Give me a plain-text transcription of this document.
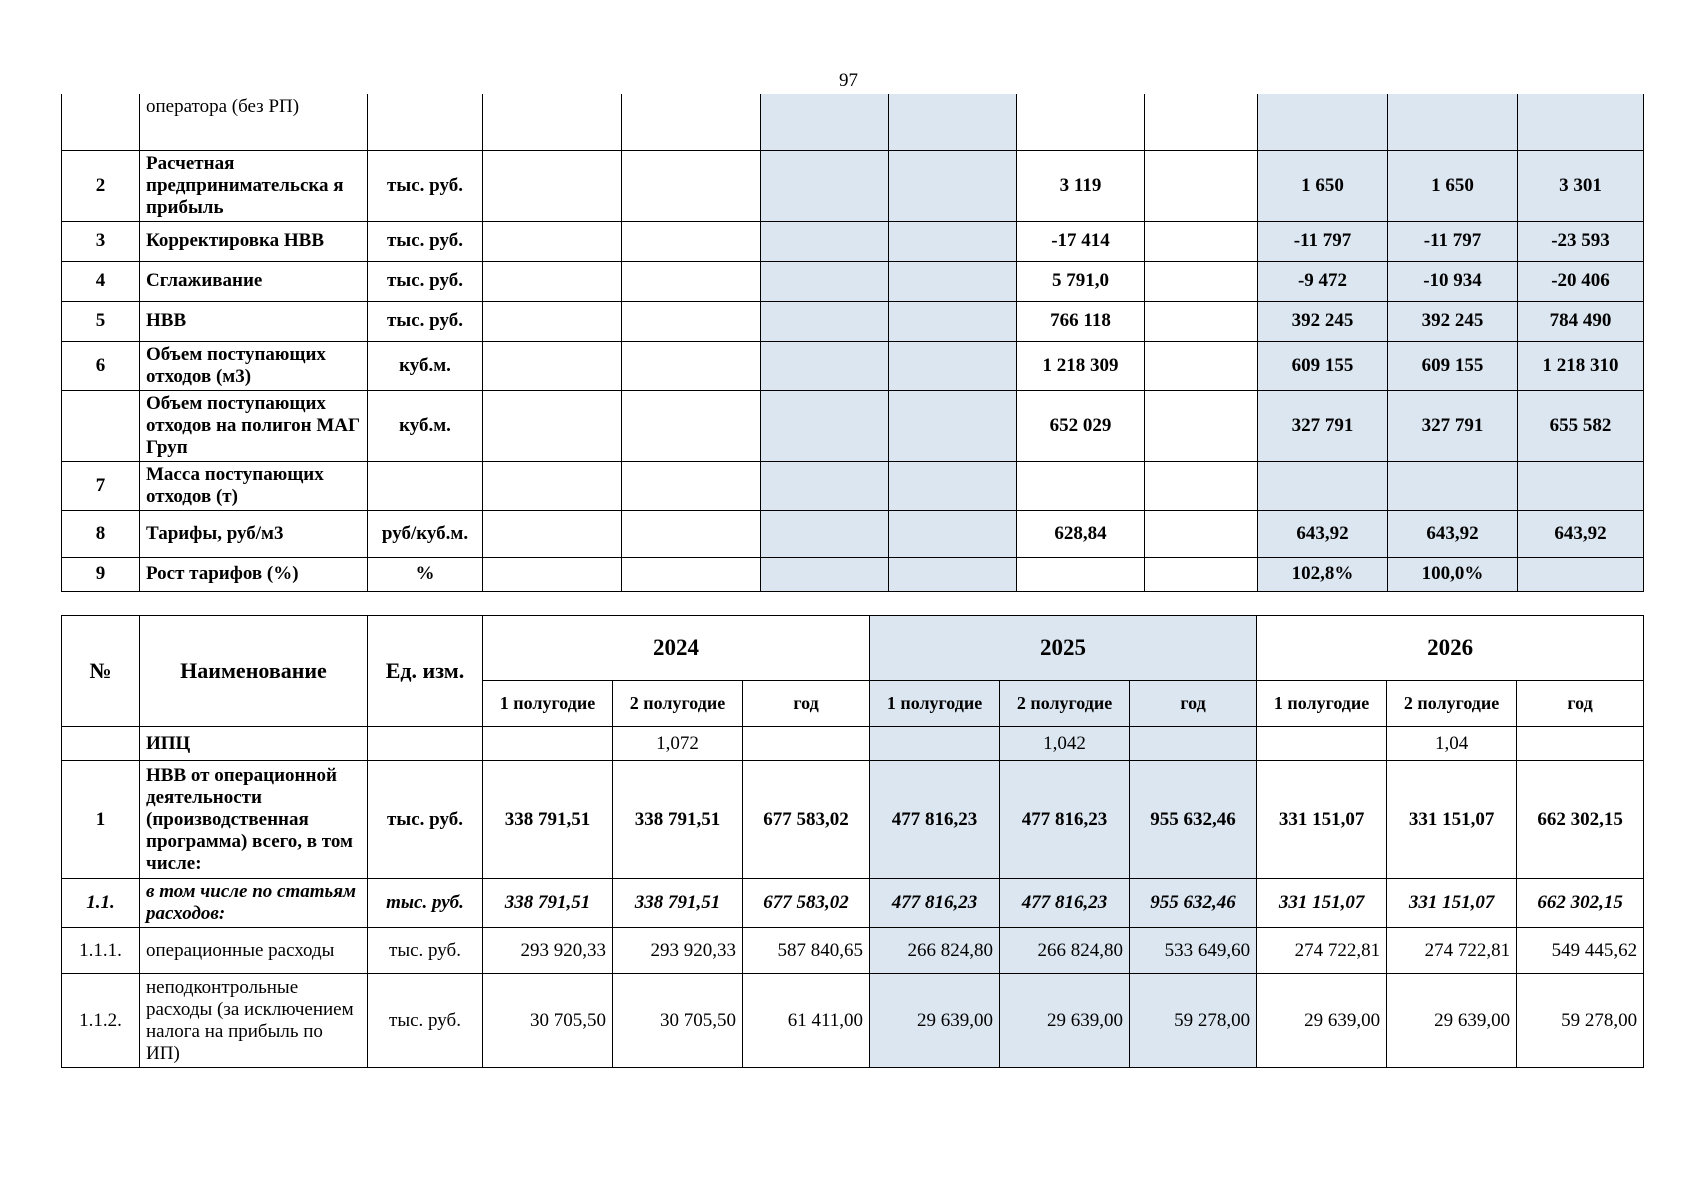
97
	оператора (без РП)										
2	Расчетная предпринимательска я прибыль	тыс. руб.					3 119		1 650	1 650	3 301
3	Корректировка НВВ	тыс. руб.					-17 414		-11 797	-11 797	-23 593
4	Сглаживание	тыс. руб.					5 791,0		-9 472	-10 934	-20 406
5	НВВ	тыс. руб.					766 118		392 245	392 245	784 490
6	Объем поступающих отходов (м3)	куб.м.					1 218 309		609 155	609 155	1 218 310
	Объем поступающих отходов на полигон МАГ Груп	куб.м.					652 029		327 791	327 791	655 582
7	Масса поступающих отходов (т)										
8	Тарифы, руб/м3	руб/куб.м.					628,84		643,92	643,92	643,92
9	Рост тарифов (%)	%							102,8%	100,0%	
№	Наименование	Ед. изм.	2024			2025			2026		
			1 полугодие	2 полугодие	год	1 полугодие	2 полугодие	год	1 полугодие	2 полугодие	год
	ИПЦ			1,072			1,042			1,04	
1	НВВ от операционной деятельности (производственная программа) всего, в том числе:	тыс. руб.	338 791,51	338 791,51	677 583,02	477 816,23	477 816,23	955 632,46	331 151,07	331 151,07	662 302,15
1.1.	в том числе по статьям расходов:	тыс. руб.	338 791,51	338 791,51	677 583,02	477 816,23	477 816,23	955 632,46	331 151,07	331 151,07	662 302,15
1.1.1.	операционные расходы	тыс. руб.	293 920,33	293 920,33	587 840,65	266 824,80	266 824,80	533 649,60	274 722,81	274 722,81	549 445,62
1.1.2.	неподконтрольные расходы (за исключением налога на прибыль по ИП)	тыс. руб.	30 705,50	30 705,50	61 411,00	29 639,00	29 639,00	59 278,00	29 639,00	29 639,00	59 278,00
